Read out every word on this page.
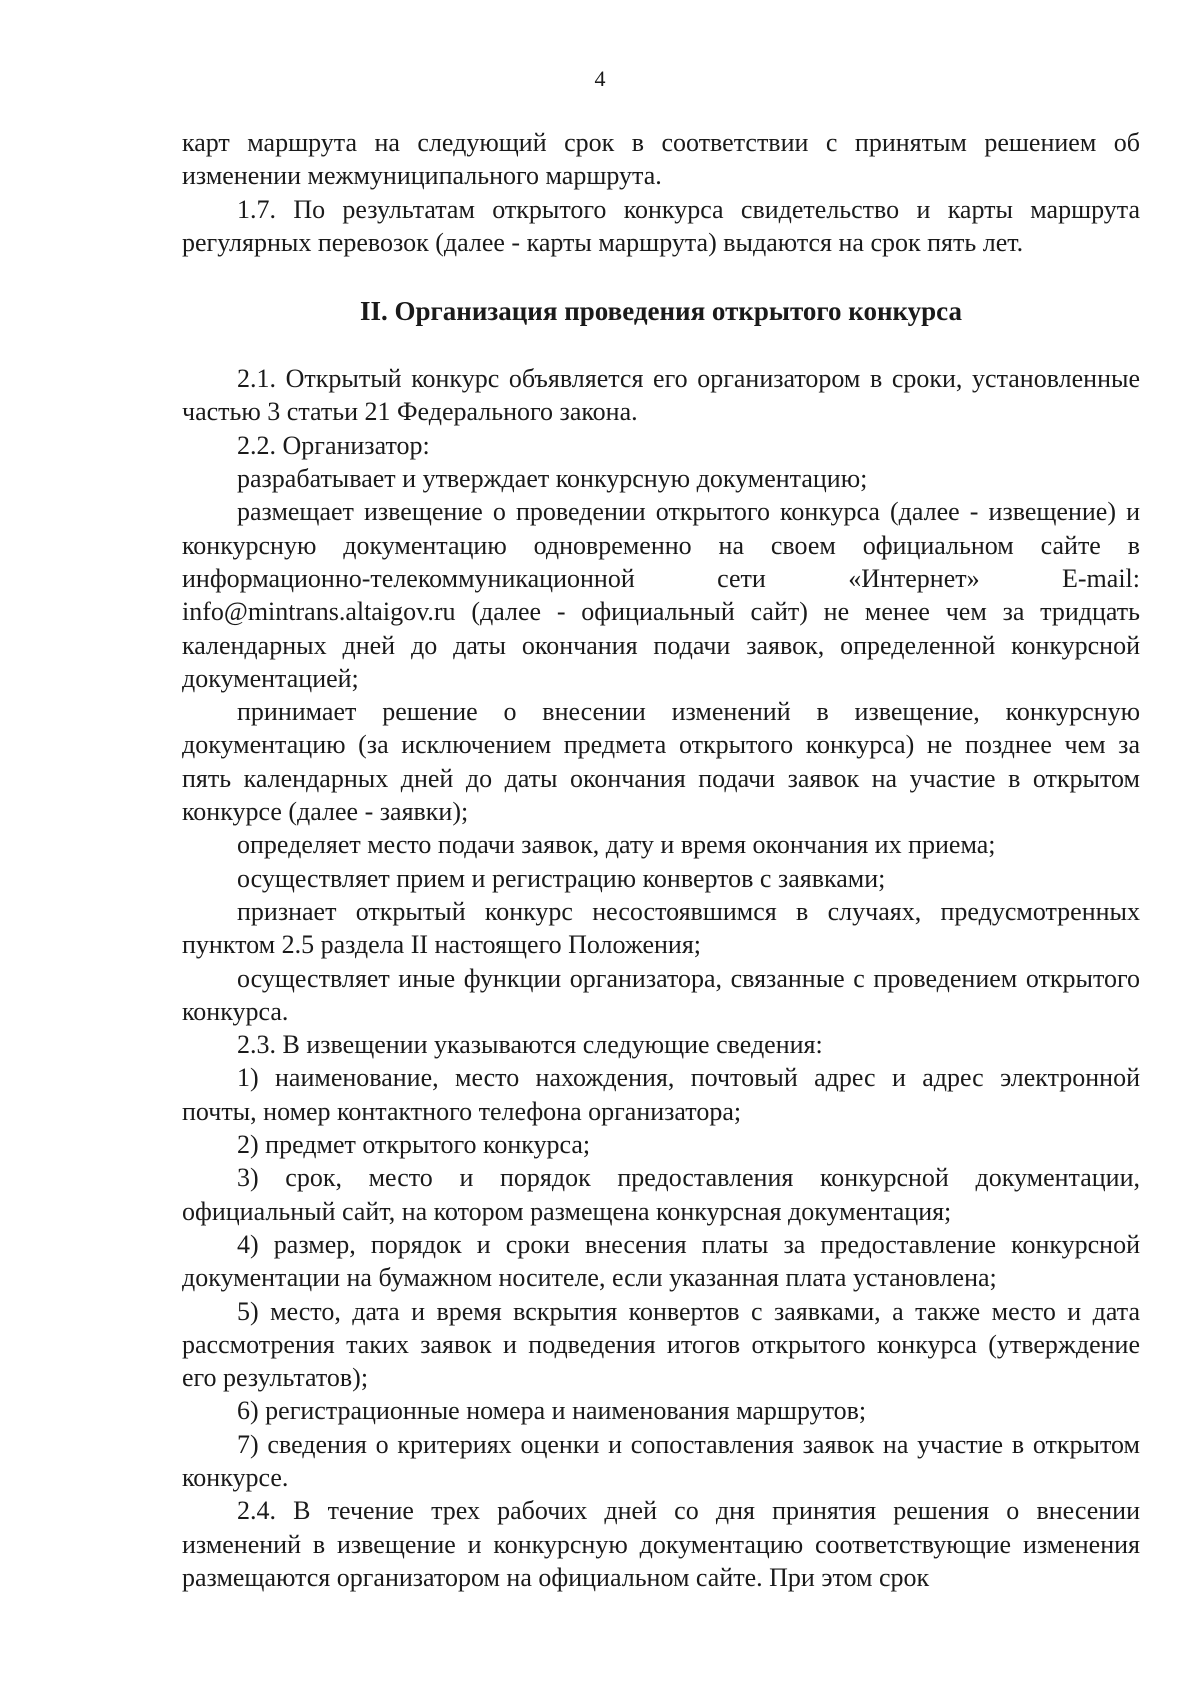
4

карт маршрута на следующий срок в соответствии с принятым решением об изменении межмуниципального маршрута.

1.7. По результатам открытого конкурса свидетельство и карты маршрута регулярных перевозок (далее - карты маршрута) выдаются на срок пять лет.

II. Организация проведения открытого конкурса

2.1. Открытый конкурс объявляется его организатором в сроки, установленные частью 3 статьи 21 Федерального закона.

2.2. Организатор:

разрабатывает и утверждает конкурсную документацию;

размещает извещение о проведении открытого конкурса (далее - извещение) и конкурсную документацию одновременно на своем официальном сайте в информационно-телекоммуникационной сети «Интернет» E-mail: info@mintrans.altaigov.ru (далее - официальный сайт) не менее чем за тридцать календарных дней до даты окончания подачи заявок, определенной конкурсной документацией;

принимает решение о внесении изменений в извещение, конкурсную документацию (за исключением предмета открытого конкурса) не позднее чем за пять календарных дней до даты окончания подачи заявок на участие в открытом конкурсе (далее - заявки);

определяет место подачи заявок, дату и время окончания их приема;

осуществляет прием и регистрацию конвертов с заявками;

признает открытый конкурс несостоявшимся в случаях, предусмотренных пунктом 2.5 раздела II настоящего Положения;

осуществляет иные функции организатора, связанные с проведением открытого конкурса.

2.3. В извещении указываются следующие сведения:

1) наименование, место нахождения, почтовый адрес и адрес электронной почты, номер контактного телефона организатора;

2) предмет открытого конкурса;

3) срок, место и порядок предоставления конкурсной документации, официальный сайт, на котором размещена конкурсная документация;

4) размер, порядок и сроки внесения платы за предоставление конкурсной документации на бумажном носителе, если указанная плата установлена;

5) место, дата и время вскрытия конвертов с заявками, а также место и дата рассмотрения таких заявок и подведения итогов открытого конкурса (утверждение его результатов);

6) регистрационные номера и наименования маршрутов;

7) сведения о критериях оценки и сопоставления заявок на участие в открытом конкурсе.

2.4. В течение трех рабочих дней со дня принятия решения о внесении изменений в извещение и конкурсную документацию соответствующие изменения размещаются организатором на официальном сайте. При этом срок
